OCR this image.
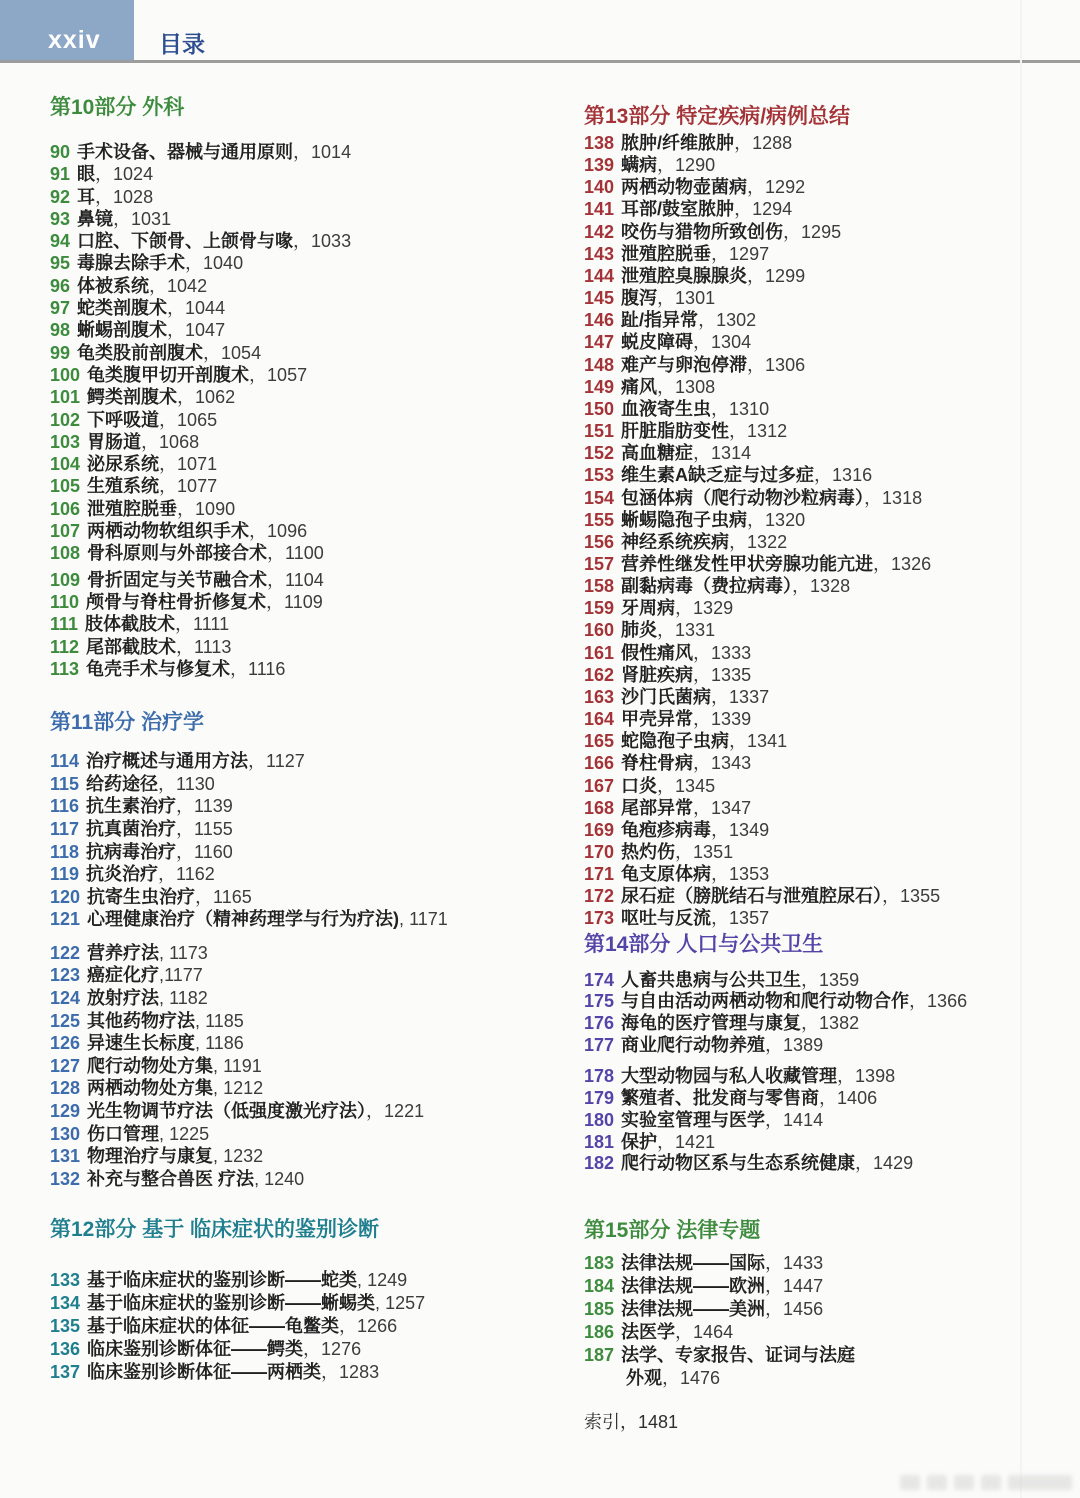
xxiv	目录
第10部分 外科
90 手术设备、器械与通用原则，1014
91 眼，1024
92 耳，1028
93 鼻镜，1031
94 口腔、下颌骨、上颌骨与喙，1033
95 毒腺去除手术，1040
96 体被系统，1042
97 蛇类剖腹术，1044
98 蜥蜴剖腹术，1047
99 龟类股前剖腹术，1054
100 龟类腹甲切开剖腹术，1057
101 鳄类剖腹术，1062
102 下呼吸道，1065
103 胃肠道，1068
104 泌尿系统，1071
105 生殖系统，1077
106 泄殖腔脱垂，1090
107 两栖动物软组织手术，1096
108 骨科原则与外部接合术，1100
109 骨折固定与关节融合术，1104
110 颅骨与脊柱骨折修复术，1109
111 肢体截肢术，1111
112 尾部截肢术，1113
113 龟壳手术与修复术，1116
第11部分 治疗学
114 治疗概述与通用方法，1127
115 给药途径，1130
116 抗生素治疗，1139
117 抗真菌治疗，1155
118 抗病毒治疗，1160
119 抗炎治疗，1162
120 抗寄生虫治疗，1165
121 心理健康治疗（精神药理学与行为疗法), 1171
122 营养疗法, 1173
123 癌症化疗,1177
124 放射疗法, 1182
125 其他药物疗法, 1185
126 异速生长标度, 1186
127 爬行动物处方集, 1191
128 两栖动物处方集, 1212
129 光生物调节疗法（低强度激光疗法），1221
130 伤口管理, 1225
131 物理治疗与康复, 1232
132 补充与整合兽医 疗法, 1240
第12部分 基于 临床症状的鉴别诊断
133 基于临床症状的鉴别诊断——蛇类, 1249
134 基于临床症状的鉴别诊断——蜥蜴类, 1257
135 基于临床症状的体征——龟鳖类，1266
136 临床鉴别诊断体征——鳄类，1276
137 临床鉴别诊断体征——两栖类，1283
第13部分 特定疾病/病例总结
138 脓肿/纤维脓肿，1288
139 螨病，1290
140 两栖动物壶菌病，1292
141 耳部/鼓室脓肿，1294
142 咬伤与猎物所致创伤，1295
143 泄殖腔脱垂，1297
144 泄殖腔臭腺腺炎，1299
145 腹泻，1301
146 趾/指异常，1302
147 蜕皮障碍，1304
148 难产与卵泡停滞，1306
149 痛风，1308
150 血液寄生虫，1310
151 肝脏脂肪变性，1312
152 高血糖症，1314
153 维生素A缺乏症与过多症，1316
154 包涵体病（爬行动物沙粒病毒），1318
155 蜥蜴隐孢子虫病，1320
156 神经系统疾病，1322
157 营养性继发性甲状旁腺功能亢进，1326
158 副黏病毒（费拉病毒），1328
159 牙周病，1329
160 肺炎，1331
161 假性痛风，1333
162 肾脏疾病，1335
163 沙门氏菌病，1337
164 甲壳异常，1339
165 蛇隐孢子虫病，1341
166 脊柱骨病，1343
167 口炎，1345
168 尾部异常，1347
169 龟疱疹病毒，1349
170 热灼伤，1351
171 龟支原体病，1353
172 尿石症（膀胱结石与泄殖腔尿石），1355
173 呕吐与反流，1357
第14部分 人口与公共卫生
174 人畜共患病与公共卫生，1359
175 与自由活动两栖动物和爬行动物合作，1366
176 海龟的医疗管理与康复，1382
177 商业爬行动物养殖，1389
178 大型动物园与私人收藏管理，1398
179 繁殖者、批发商与零售商，1406
180 实验室管理与医学，1414
181 保护，1421
182 爬行动物区系与生态系统健康，1429
第15部分 法律专题
183 法律法规——国际，1433
184 法律法规——欧洲，1447
185 法律法规——美洲，1456
186 法医学，1464
187 法学、专家报告、证词与法庭
外观，1476
索引，1481
